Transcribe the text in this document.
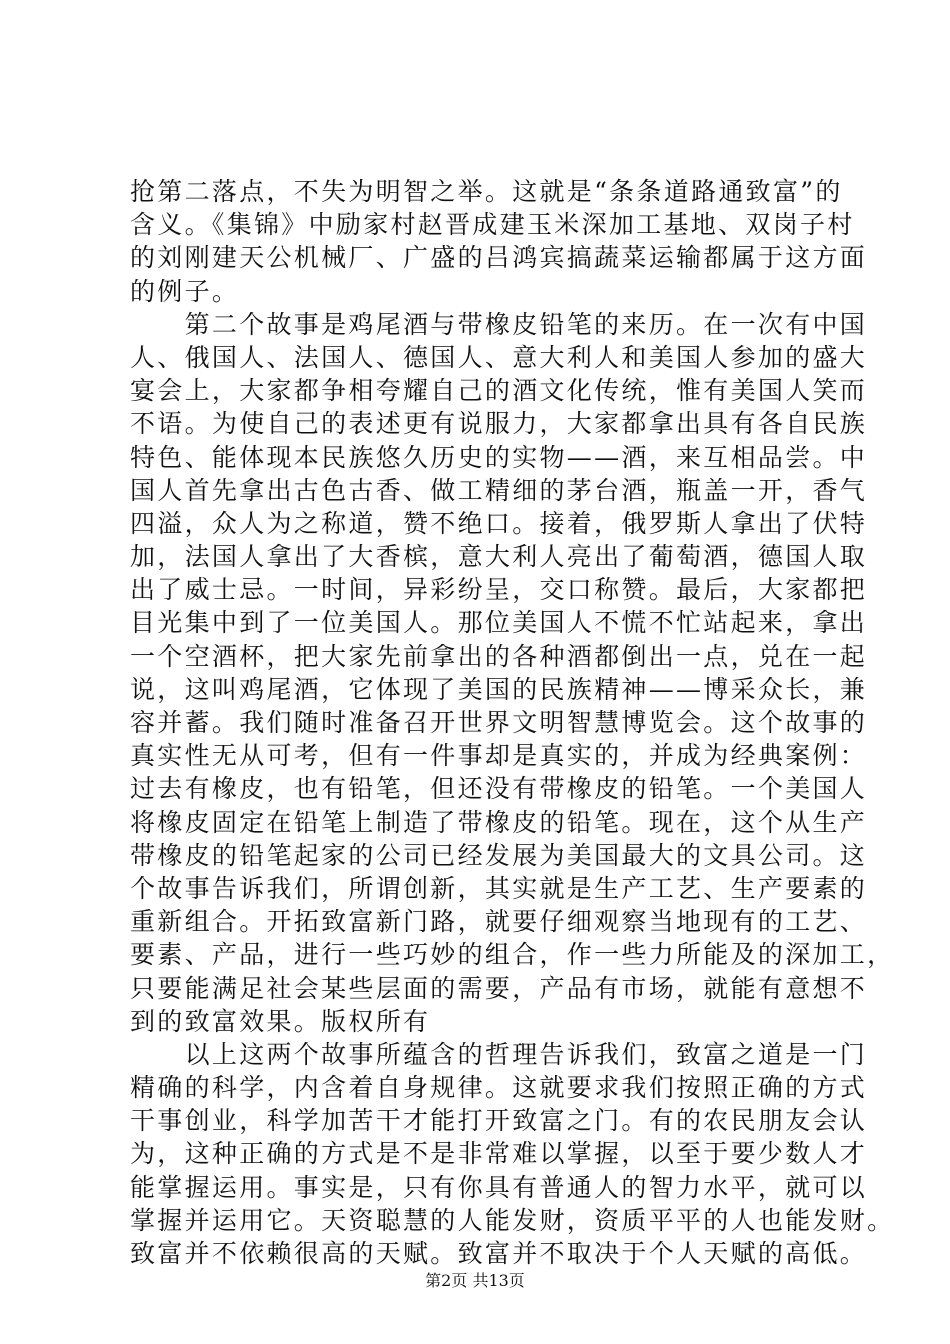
抢第二落点，不失为明智之举。这就是“条条道路通致富”的
含义。《集锦》中励家村赵晋成建玉米深加工基地、双岗子村
的刘刚建天公机械厂、广盛的吕鸿宾搞蔬菜运输都属于这方面
的例子。
　　第二个故事是鸡尾酒与带橡皮铅笔的来历。在一次有中国
人、俄国人、法国人、德国人、意大利人和美国人参加的盛大
宴会上，大家都争相夸耀自己的酒文化传统，惟有美国人笑而
不语。为使自己的表述更有说服力，大家都拿出具有各自民族
特色、能体现本民族悠久历史的实物——酒，来互相品尝。中
国人首先拿出古色古香、做工精细的茅台酒，瓶盖一开，香气
四溢，众人为之称道，赞不绝口。接着，俄罗斯人拿出了伏特
加，法国人拿出了大香槟，意大利人亮出了葡萄酒，德国人取
出了威士忌。一时间，异彩纷呈，交口称赞。最后，大家都把
目光集中到了一位美国人。那位美国人不慌不忙站起来，拿出
一个空酒杯，把大家先前拿出的各种酒都倒出一点，兑在一起
说，这叫鸡尾酒，它体现了美国的民族精神——博采众长，兼
容并蓄。我们随时准备召开世界文明智慧博览会。这个故事的
真实性无从可考，但有一件事却是真实的，并成为经典案例：
过去有橡皮，也有铅笔，但还没有带橡皮的铅笔。一个美国人
将橡皮固定在铅笔上制造了带橡皮的铅笔。现在，这个从生产
带橡皮的铅笔起家的公司已经发展为美国最大的文具公司。这
个故事告诉我们，所谓创新，其实就是生产工艺、生产要素的
重新组合。开拓致富新门路，就要仔细观察当地现有的工艺、
要素、产品，进行一些巧妙的组合，作一些力所能及的深加工，
只要能满足社会某些层面的需要，产品有市场，就能有意想不
到的致富效果。版权所有
　　以上这两个故事所蕴含的哲理告诉我们，致富之道是一门
精确的科学，内含着自身规律。这就要求我们按照正确的方式
干事创业，科学加苦干才能打开致富之门。有的农民朋友会认
为，这种正确的方式是不是非常难以掌握，以至于要少数人才
能掌握运用。事实是，只有你具有普通人的智力水平，就可以
掌握并运用它。天资聪慧的人能发财，资质平平的人也能发财。
致富并不依赖很高的天赋。致富并不取决于个人天赋的高低。
第2页 共13页
